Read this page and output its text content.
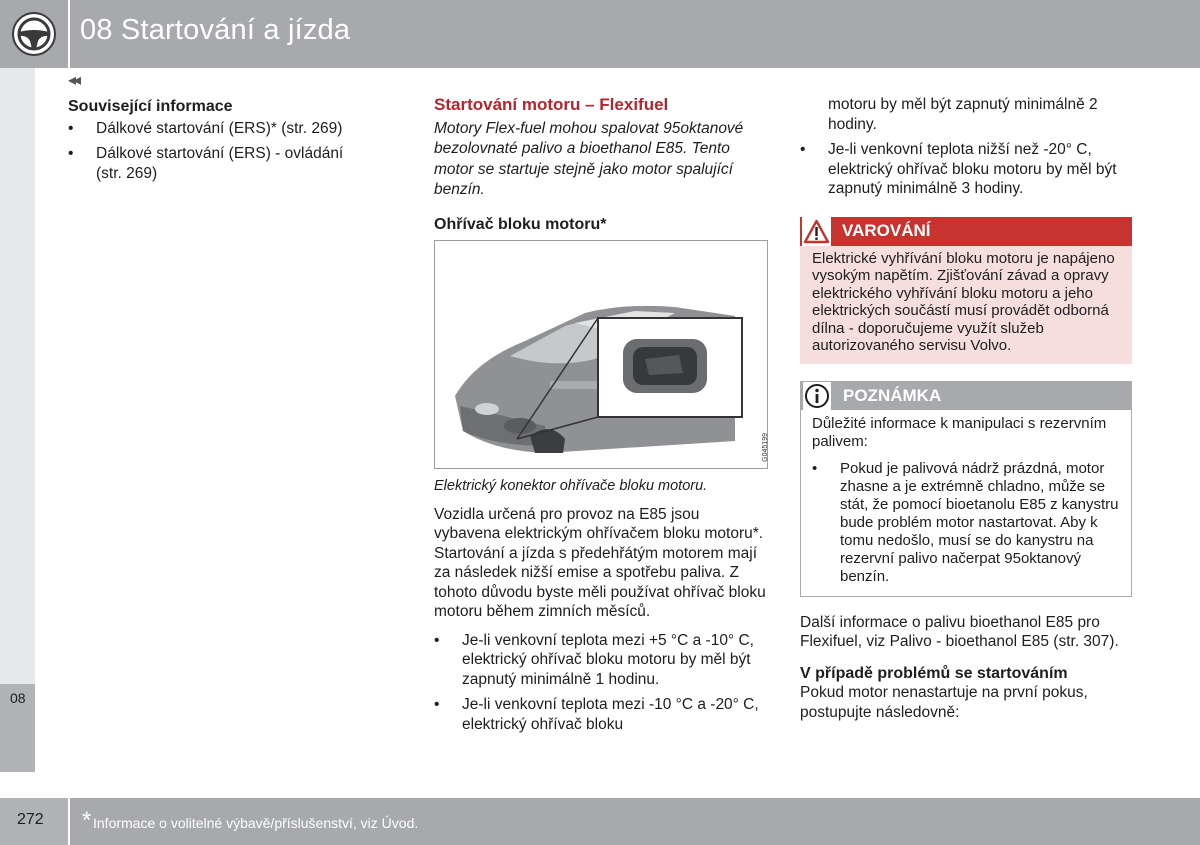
08 Startování a jízda
◂◂
08
272 * Informace o volitelné výbavě/příslušenství, viz Úvod.
Související informace
• Dálkové startování (ERS)* (str. 269)
• Dálkové startování (ERS) - ovládání (str. 269)
Startování motoru – Flexifuel

Motory Flex-fuel mohou spalovat 95oktanové bezolovnaté palivo a bioethanol E85. Tento motor se startuje stejně jako motor spalující benzín.

Ohřívač bloku motoru*
G045199

Elektrický konektor ohřívače bloku motoru.

Vozidla určená pro provoz na E85 jsou vybavena elektrickým ohřívačem bloku motoru*. Startování a jízda s předehřátým motorem mají za následek nižší emise a spotřebu paliva. Z tohoto důvodu byste měli používat ohřívač bloku motoru během zimních měsíců.

• Je-li venkovní teplota mezi +5 °C a -10° C, elektrický ohřívač bloku motoru by měl být zapnutý minimálně 1 hodinu.
• Je-li venkovní teplota mezi -10 °C a -20° C, elektrický ohřívač bloku

motoru by měl být zapnutý minimálně 2 hodiny.

• Je-li venkovní teplota nižší než -20° C, elektrický ohřívač bloku motoru by měl být zapnutý minimálně 3 hodiny.
VAROVÁNÍ
Elektrické vyhřívání bloku motoru je napájeno vysokým napětím. Zjišťování závad a opravy elektrického vyhřívání bloku motoru a jeho elektrických součástí musí provádět odborná dílna - doporučujeme využít služeb autorizovaného servisu Volvo.
POZNÁMKA

Důležité informace k manipulaci s rezervním palivem:

• Pokud je palivová nádrž prázdná, motor zhasne a je extrémně chladno, může se stát, že pomocí bioetanolu E85 z kanystru bude problém motor nastartovat. Aby k tomu nedošlo, musí se do kanystru na rezervní palivo načerpat 95oktanový benzín.

Další informace o palivu bioethanol E85 pro Flexifuel, viz Palivo - bioethanol E85 (str. 307).

V případě problémů se startováním

Pokud motor nenastartuje na první pokus, postupujte následovně:
